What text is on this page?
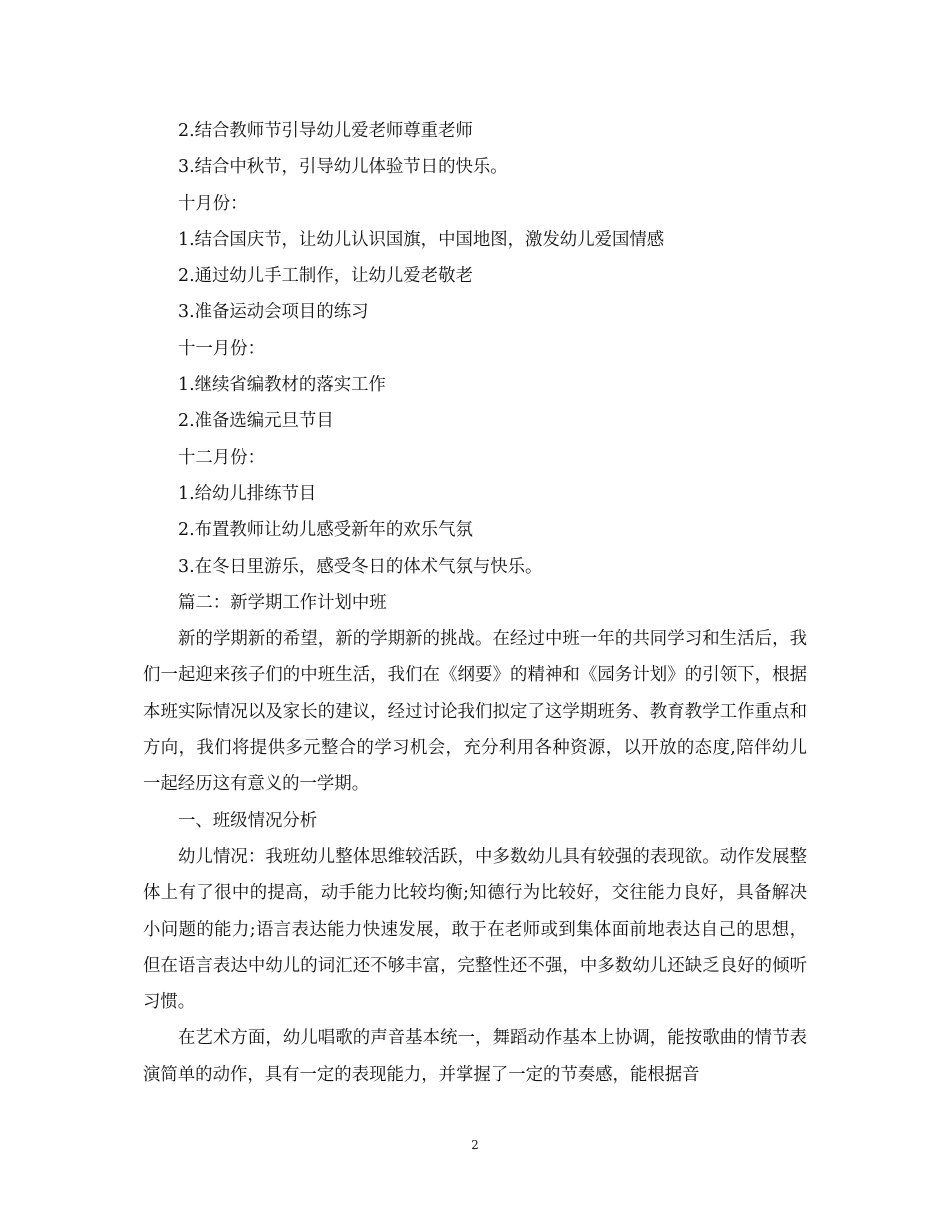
2.结合教师节引导幼儿爱老师尊重老师
3.结合中秋节，引导幼儿体验节日的快乐。
十月份：
1.结合国庆节，让幼儿认识国旗，中国地图，激发幼儿爱国情感
2.通过幼儿手工制作，让幼儿爱老敬老
3.准备运动会项目的练习
十一月份：
1.继续省编教材的落实工作
2.准备选编元旦节目
十二月份：
1.给幼儿排练节目
2.布置教师让幼儿感受新年的欢乐气氛
3.在冬日里游乐，感受冬日的体术气氛与快乐。
篇二：新学期工作计划中班

新的学期新的希望，新的学期新的挑战。在经过中班一年的共同学习和生活后，我们一起迎来孩子们的中班生活，我们在《纲要》的精神和《园务计划》的引领下，根据本班实际情况以及家长的建议，经过讨论我们拟定了这学期班务、教育教学工作重点和方向，我们将提供多元整合的学习机会，充分利用各种资源，以开放的态度,陪伴幼儿一起经历这有意义的一学期。

一、班级情况分析

幼儿情况：我班幼儿整体思维较活跃，中多数幼儿具有较强的表现欲。动作发展整体上有了很中的提高，动手能力比较均衡;知德行为比较好，交往能力良好，具备解决小问题的能力;语言表达能力快速发展，敢于在老师或到集体面前地表达自己的思想，但在语言表达中幼儿的词汇还不够丰富，完整性还不强，中多数幼儿还缺乏良好的倾听习惯。

在艺术方面，幼儿唱歌的声音基本统一，舞蹈动作基本上协调，能按歌曲的情节表演简单的动作，具有一定的表现能力，并掌握了一定的节奏感，能根据音

2
